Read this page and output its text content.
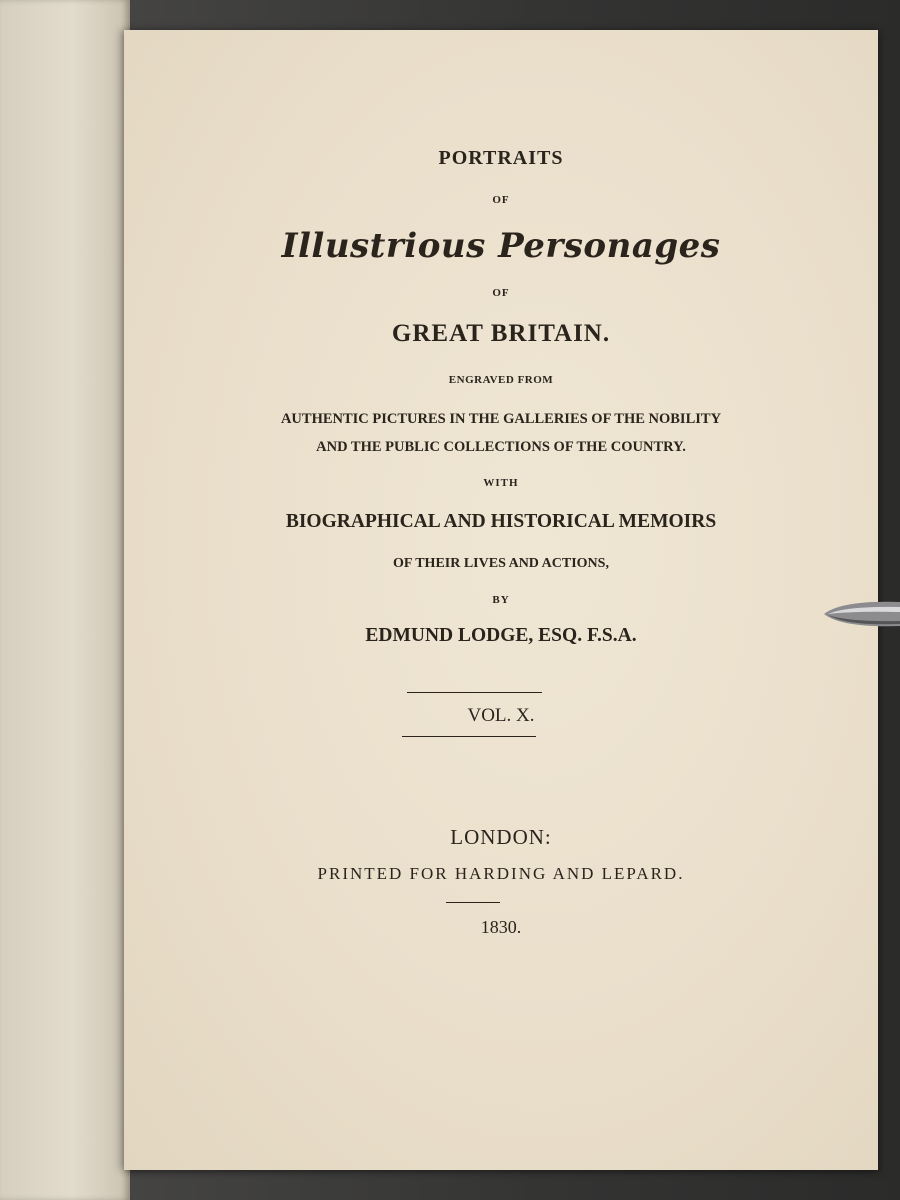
PORTRAITS
OF
Illustrious Personages
OF
GREAT BRITAIN.
ENGRAVED FROM
AUTHENTIC PICTURES IN THE GALLERIES OF THE NOBILITY
AND THE PUBLIC COLLECTIONS OF THE COUNTRY.
WITH
BIOGRAPHICAL AND HISTORICAL MEMOIRS
OF THEIR LIVES AND ACTIONS,
BY
EDMUND LODGE, ESQ. F.S.A.
VOL. X.
LONDON:
PRINTED FOR HARDING AND LEPARD.
1830.
